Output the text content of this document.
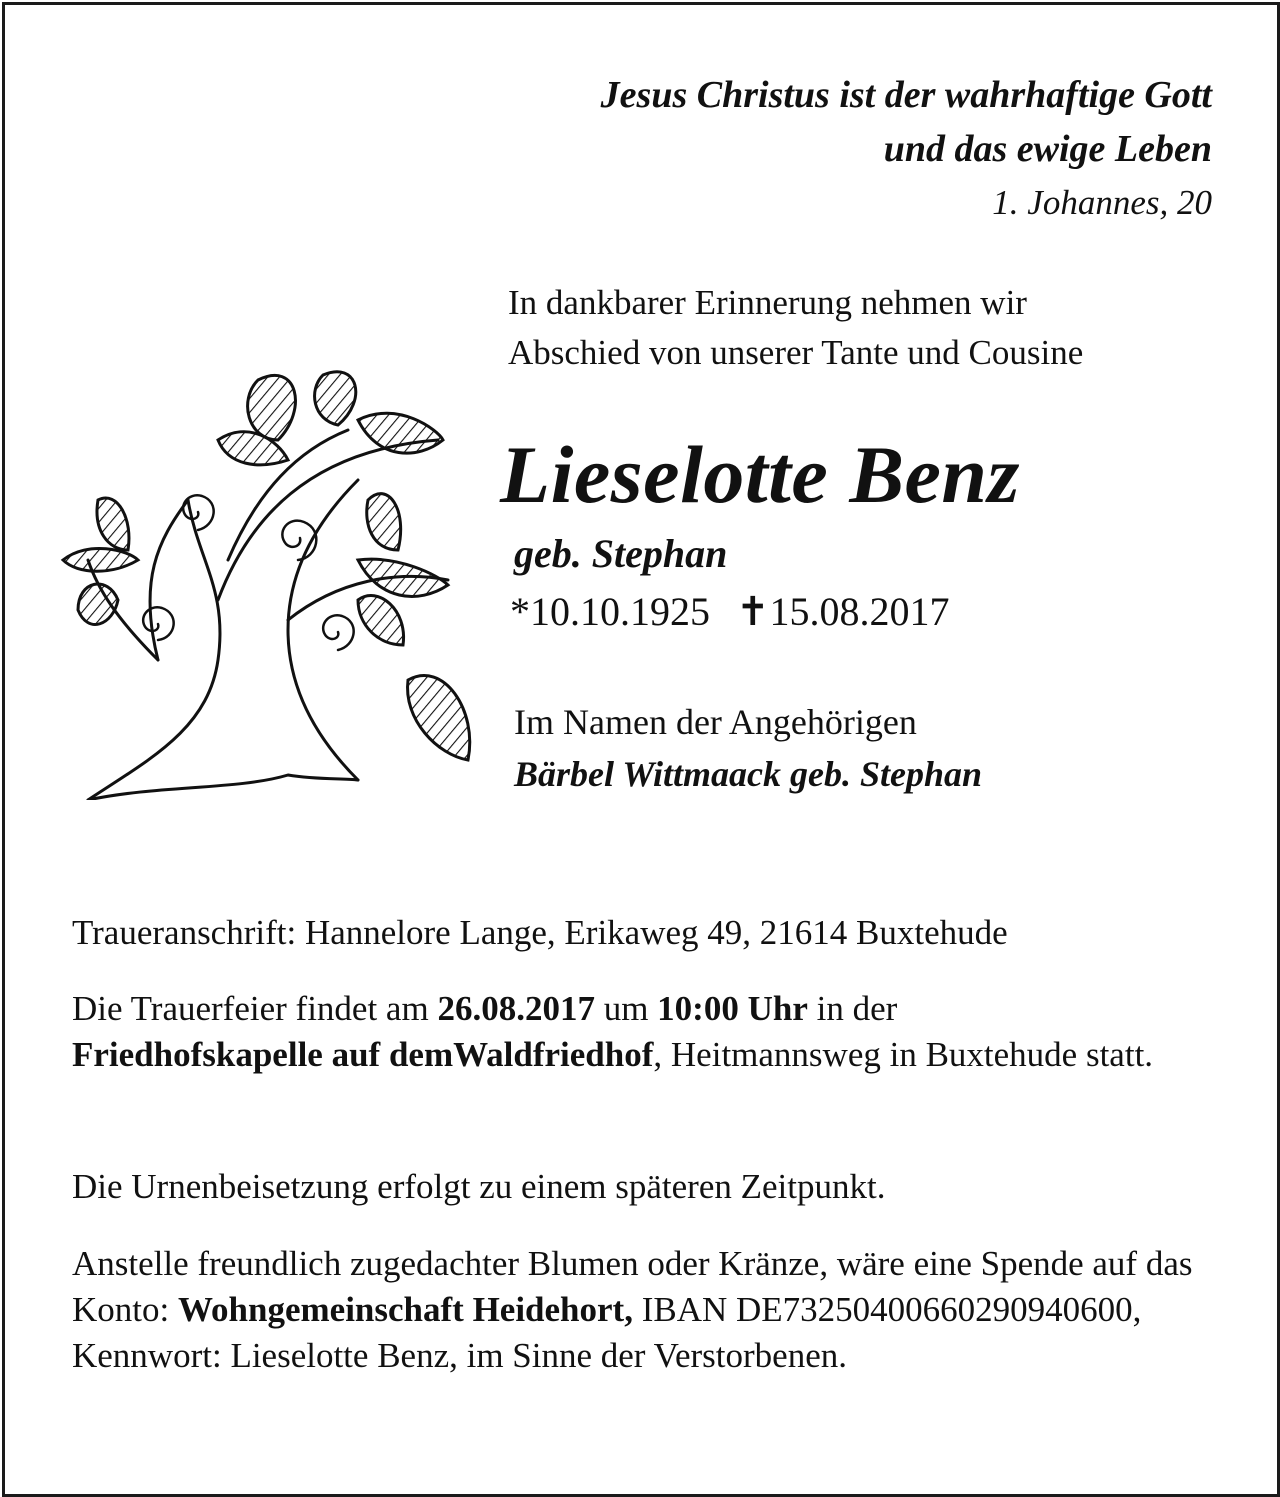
Jesus Christus ist der wahrhaftige Gott
und das ewige Leben
1. Johannes, 20
In dankbarer Erinnerung nehmen wir
Abschied von unserer Tante und Cousine
Lieselotte Benz
geb. Stephan
*10.10.1925 ✝15.08.2017
Im Namen der Angehörigen
Bärbel Wittmaack geb. Stephan

Traueranschrift: Hannelore Lange, Erikaweg 49, 21614 Buxtehude

Die Trauerfeier findet am 26.08.2017 um 10:00 Uhr in der
Friedhofskapelle auf demWaldfriedhof, Heitmannsweg in Buxtehude statt.

Die Urnenbeisetzung erfolgt zu einem späteren Zeitpunkt.

Anstelle freundlich zugedachter Blumen oder Kränze, wäre eine Spende auf das Konto: Wohngemeinschaft Heidehort, IBAN DE73250400660290940600, Kennwort: Lieselotte Benz, im Sinne der Verstorbenen.
